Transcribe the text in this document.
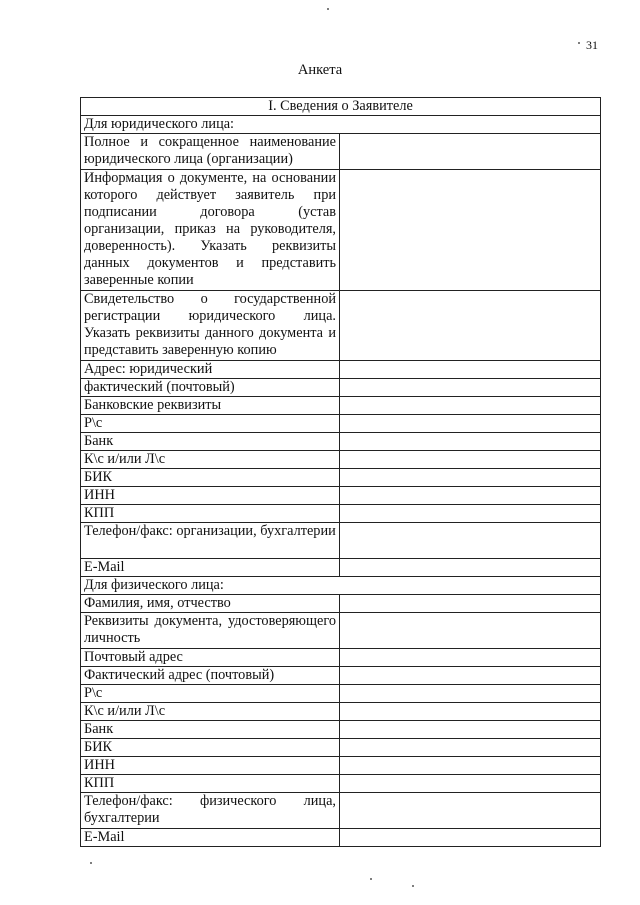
31
Анкета
I. Сведения о Заявителе	
Для юридического лица:	
Полное и сокращенное наименование юридического лица (организации)	
Информация о документе, на основании которого действует заявитель при подписании договора (устав организации, приказ на руководителя, доверенность). Указать реквизиты данных документов и представить заверенные копии	
Свидетельство о государственной регистрации юридического лица. Указать реквизиты данного документа и представить заверенную копию	
Адрес: юридический	
фактический (почтовый)	
Банковские реквизиты	
Р\с	
Банк	
К\с и/или Л\с	
БИК	
ИНН	
КПП	
Телефон/факс: организации, бухгалтерии	
E-Mail	
Для физического лица:	
Фамилия, имя, отчество	
Реквизиты документа, удостоверяющего личность	
Почтовый адрес	
Фактический адрес (почтовый)	
Р\с	
К\с и/или Л\с	
Банк	
БИК	
ИНН	
КПП	
Телефон/факс: физического лица, бухгалтерии	
E-Mail	
